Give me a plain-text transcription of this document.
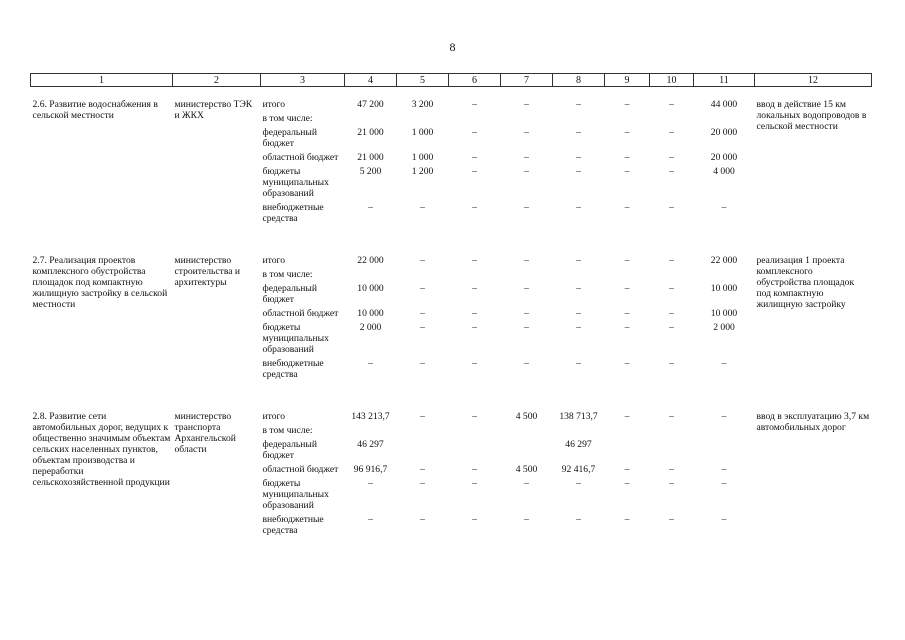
8
1	2	3	4	5	6	7	8	9	10	11	12
2.6. Развитие водоснабжения в сельской местности	министерство ТЭК и ЖКХ	итого	47 200	3 200	–	–	–	–	–	44 000	ввод в действие 15 км локальных водопроводов в сельской местности
		в том числе:									
		федеральный бюджет	21 000	1 000	–	–	–	–	–	20 000	
		областной бюджет	21 000	1 000	–	–	–	–	–	20 000	
		бюджеты муниципальных образований	5 200	1 200	–	–	–	–	–	4 000	
		внебюджетные средства	–	–	–	–	–	–	–	–	

2.7. Реализация проектов комплексного обустройства площадок под компактную жилищную застройку в сельской местности	министерство строительства и архитектуры	итого	22 000	–	–	–	–	–	–	22 000	реализация 1 проекта комплексного обустройства площадок под компактную жилищную застройку
		в том числе:									
		федеральный бюджет	10 000	–	–	–	–	–	–	10 000	
		областной бюджет	10 000	–	–	–	–	–	–	10 000	
		бюджеты муниципальных образований	2 000	–	–	–	–	–	–	2 000	
		внебюджетные средства	–	–	–	–	–	–	–	–	

2.8. Развитие сети автомобильных дорог, ведущих к общественно значимым объектам сельских населенных пунктов, объектам производства и переработки сельскохозяйственной продукции	министерство транспорта Архангельской области	итого	143 213,7	–	–	4 500	138 713,7	–	–	–	ввод в эксплуатацию 3,7 км автомобильных дорог
		в том числе:									
		федеральный бюджет	46 297				46 297				
		областной бюджет	96 916,7	–	–	4 500	92 416,7	–	–	–	
		бюджеты муниципальных образований	–	–	–	–	–	–	–	–	
		внебюджетные средства	–	–	–	–	–	–	–	–	
